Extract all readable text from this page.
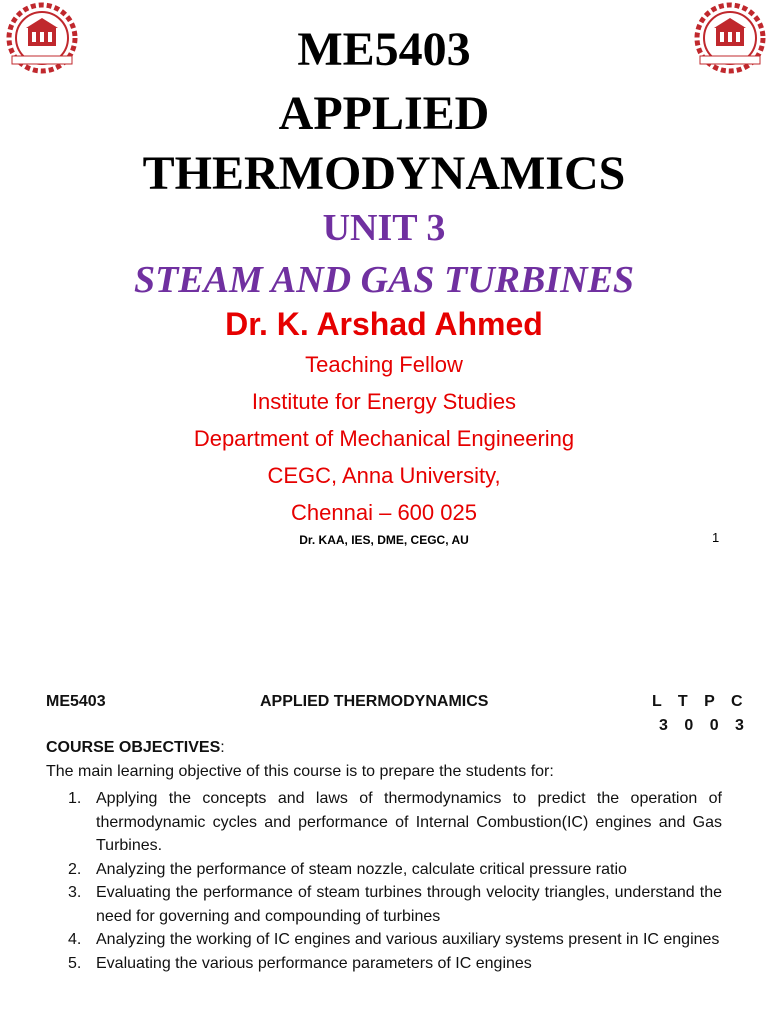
ME5403
APPLIED
THERMODYNAMICS
UNIT 3
STEAM AND GAS TURBINES
Dr. K. Arshad Ahmed
Teaching Fellow
Institute for Energy Studies
Department of Mechanical Engineering
CEGC, Anna University,
Chennai – 600 025
Dr. KAA, IES, DME, CEGC, AU	1
ME5403	APPLIED THERMODYNAMICS	L T P C
3 0 0 3
COURSE OBJECTIVES:
The main learning objective of this course is to prepare the students for:
1. Applying the concepts and laws of thermodynamics to predict the operation of thermodynamic cycles and performance of Internal Combustion(IC) engines and Gas Turbines.
2. Analyzing the performance of steam nozzle, calculate critical pressure ratio
3. Evaluating the performance of steam turbines through velocity triangles, understand the need for governing and compounding of turbines
4. Analyzing the working of IC engines and various auxiliary systems present in IC engines
5. Evaluating the various performance parameters of IC engines
